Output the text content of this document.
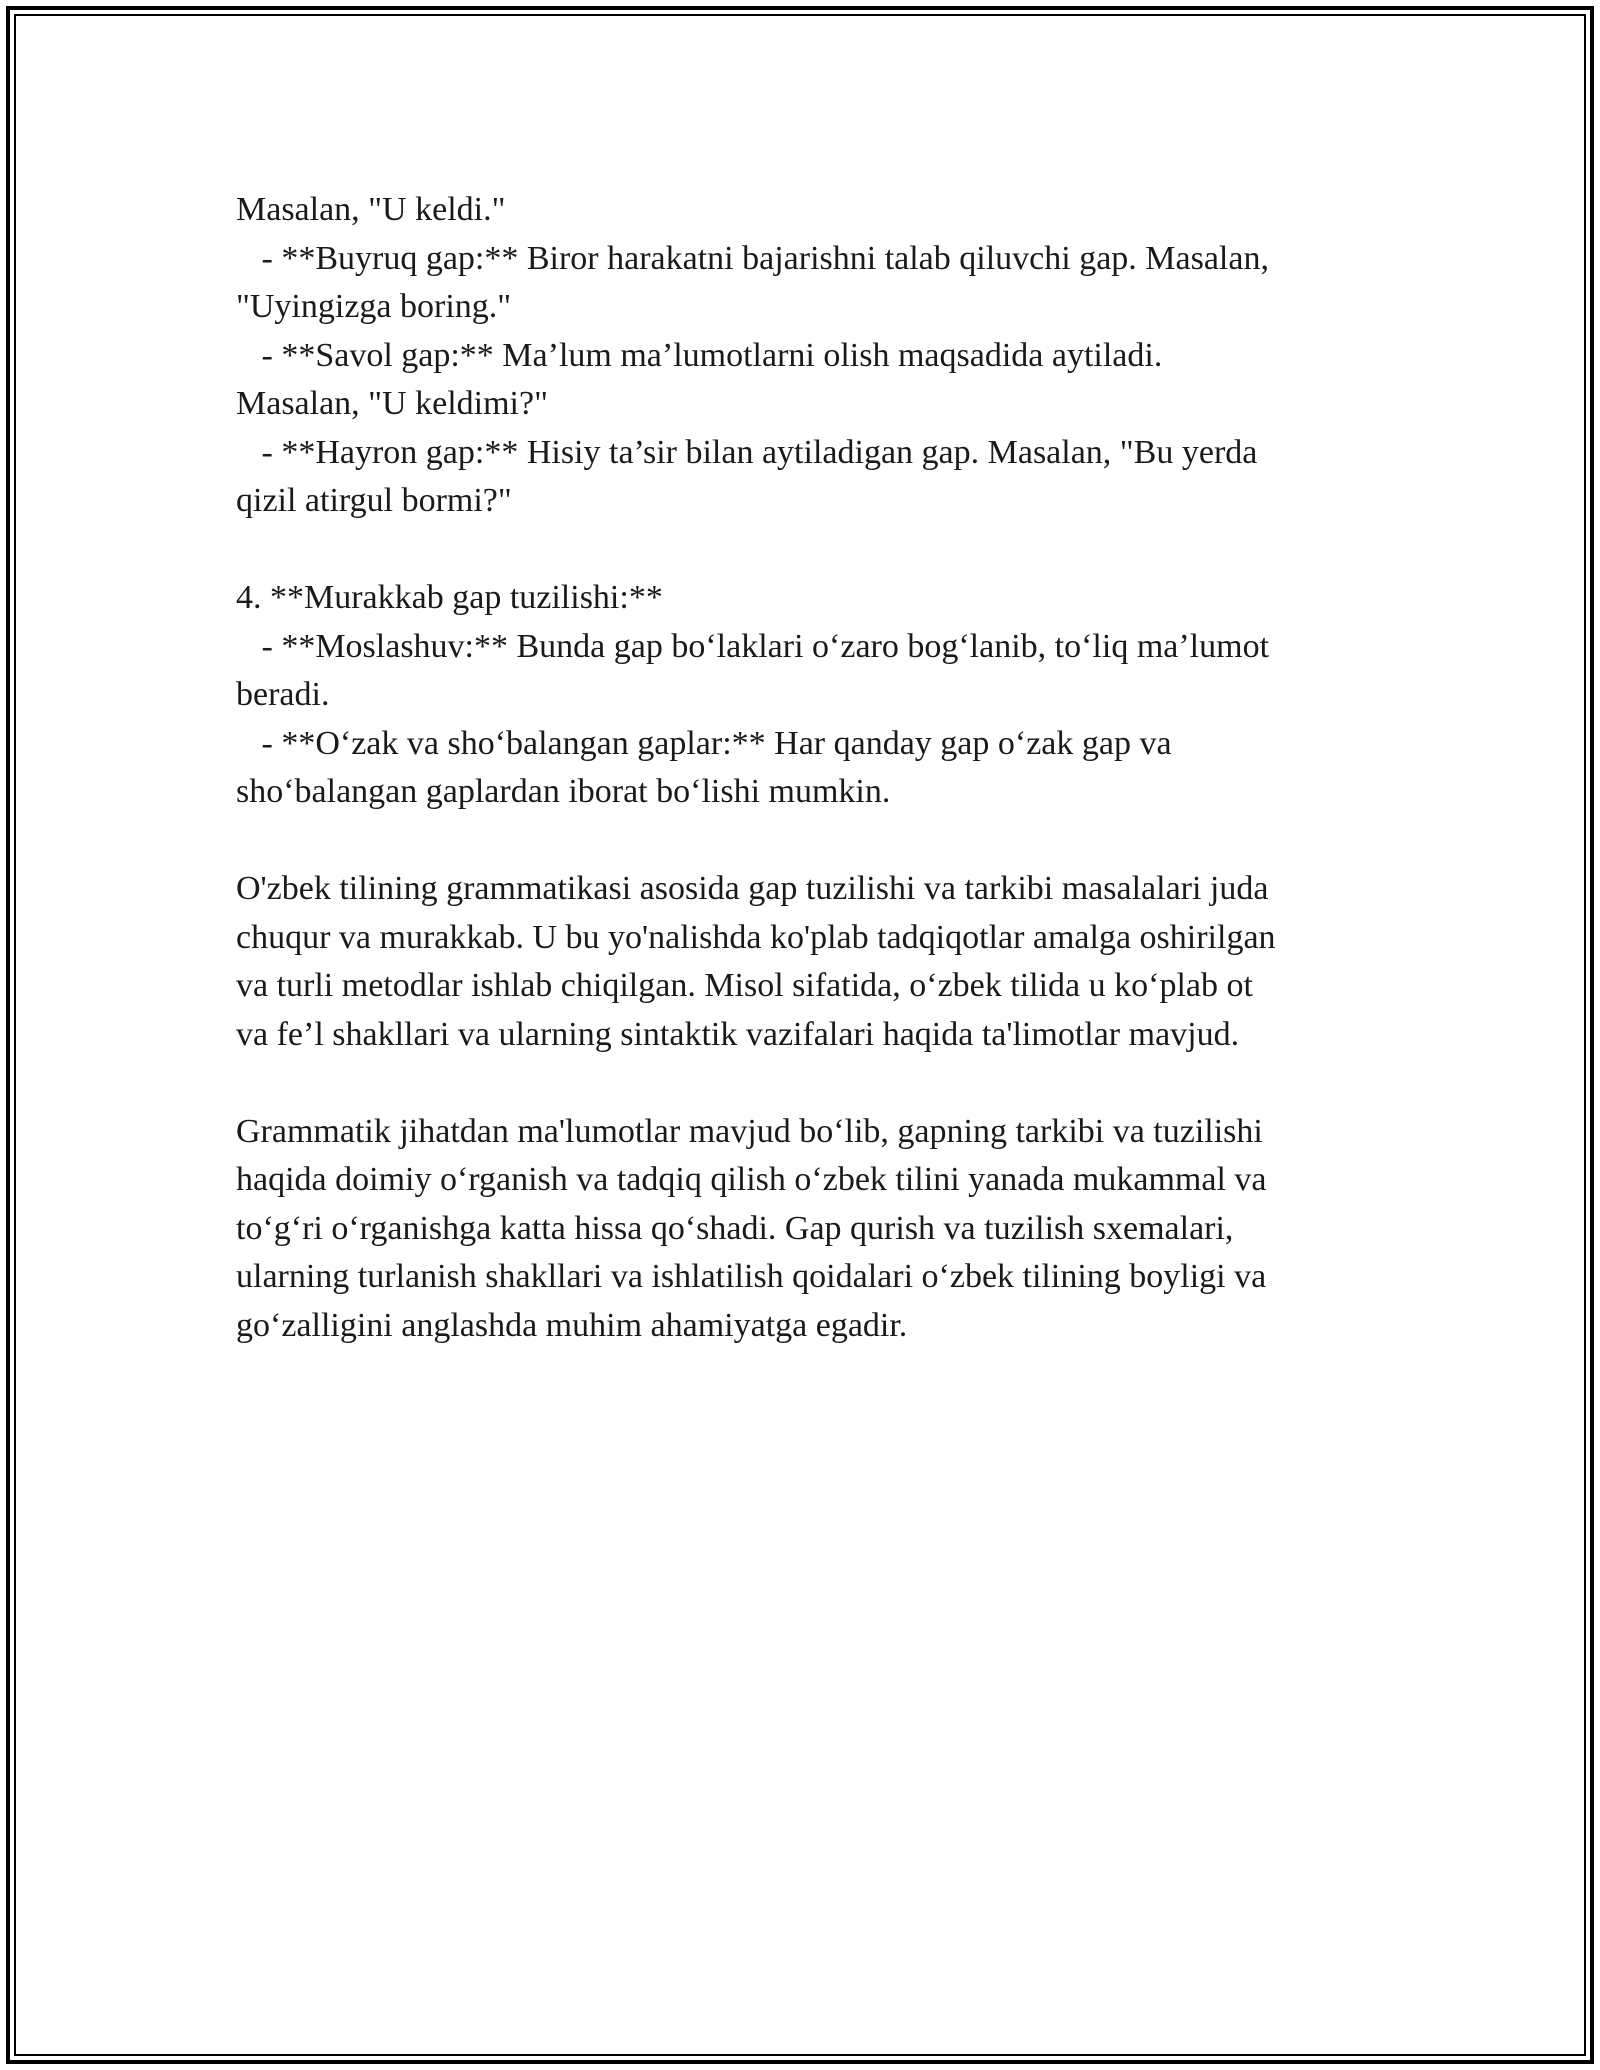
Masalan, "U keldi."
- **Buyruq gap:** Biror harakatni bajarishni talab qiluvchi gap. Masalan,
"Uyingizga boring."
- **Savol gap:** Ma’lum ma’lumotlarni olish maqsadida aytiladi.
Masalan, "U keldimi?"
- **Hayron gap:** Hisiy ta’sir bilan aytiladigan gap. Masalan, "Bu yerda
qizil atirgul bormi?"
4. **Murakkab gap tuzilishi:**
- **Moslashuv:** Bunda gap bo‘laklari o‘zaro bog‘lanib, to‘liq ma’lumot
beradi.
- **O‘zak va sho‘balangan gaplar:** Har qanday gap o‘zak gap va
sho‘balangan gaplardan iborat bo‘lishi mumkin.
O'zbek tilining grammatikasi asosida gap tuzilishi va tarkibi masalalari juda
chuqur va murakkab. U bu yo'nalishda ko'plab tadqiqotlar amalga oshirilgan
va turli metodlar ishlab chiqilgan. Misol sifatida, o‘zbek tilida u ko‘plab ot
va fe’l shakllari va ularning sintaktik vazifalari haqida ta'limotlar mavjud.
Grammatik jihatdan ma'lumotlar mavjud bo‘lib, gapning tarkibi va tuzilishi
haqida doimiy o‘rganish va tadqiq qilish o‘zbek tilini yanada mukammal va
to‘g‘ri o‘rganishga katta hissa qo‘shadi. Gap qurish va tuzilish sxemalari,
ularning turlanish shakllari va ishlatilish qoidalari o‘zbek tilining boyligi va
go‘zalligini anglashda muhim ahamiyatga egadir.
